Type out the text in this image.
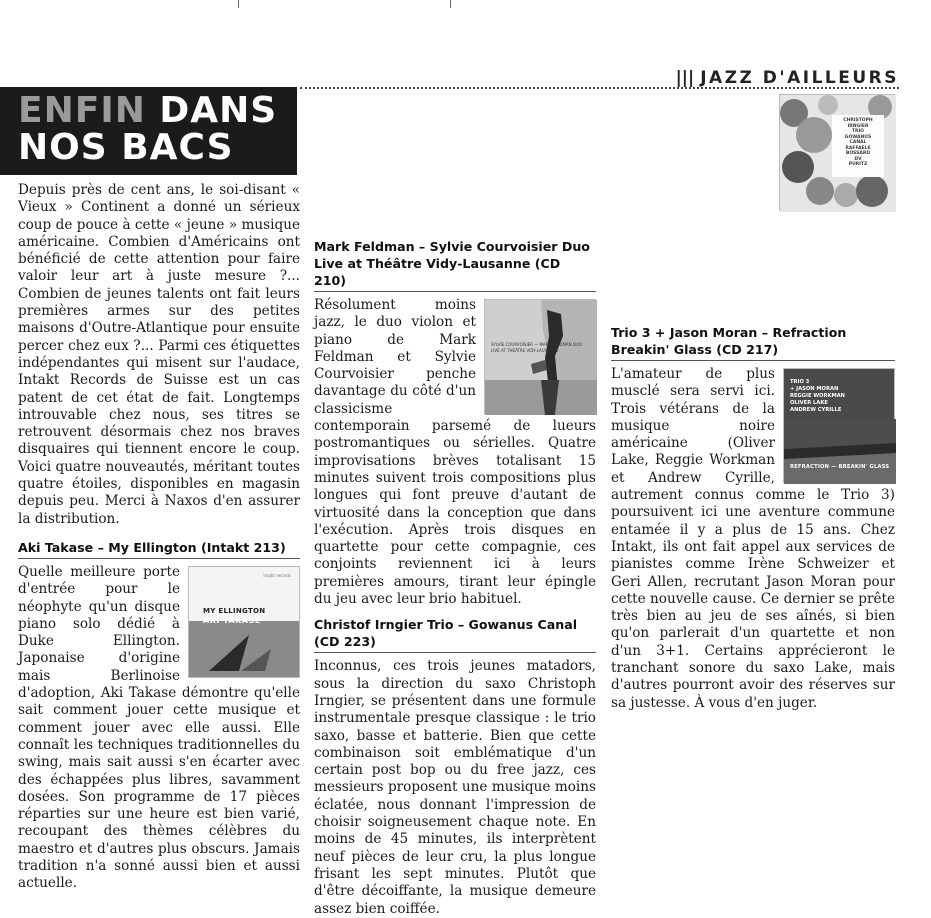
||| JAZZ D'AILLEURS
ENFIN DANS
NOS BACS

Depuis près de cent ans, le soi-disant « Vieux » Continent a donné un sérieux coup de pouce à cette « jeune » musique américaine. Combien d'Américains ont bénéficié de cette attention pour faire valoir leur art à juste mesure ?... Combien de jeunes talents ont fait leurs premières armes sur des petites maisons d'Outre-Atlantique pour ensuite percer chez eux ?... Parmi ces étiquettes indépendantes qui misent sur l'audace, Intakt Records de Suisse est un cas patent de cet état de fait. Longtemps introuvable chez nous, ses titres se retrouvent désormais chez nos braves disquaires qui tiennent encore le coup. Voici quatre nouveautés, méritant toutes quatre étoiles, disponibles en magasin depuis peu. Merci à Naxos d'en assurer la distribution.

Aki Takase – My Ellington (Intakt 213)
intakt records
MY ELLINGTON
AKI TAKASE

Quelle meilleure porte d'entrée pour le néophyte qu'un disque piano solo dédié à Duke Ellington. Japonaise d'origine mais Berlinoise d'adoption, Aki Takase démontre qu'elle sait comment jouer cette musique et comment jouer avec elle aussi. Elle connaît les techniques traditionnelles du swing, mais sait aussi s'en écarter avec des échappées plus libres, savamment dosées. Son programme de 17 pièces réparties sur une heure est bien varié, recoupant des thèmes célèbres du maestro et d'autres plus obscurs. Jamais tradition n'a sonné aussi bien et aussi actuelle.

Mark Feldman – Sylvie Courvoisier Duo Live at Théâtre Vidy-Lausanne (CD 210)
SYLVIE COURVOISIER — MARK FELDMAN DUO
LIVE AT THÉÂTRE VIDY-LAUSANNE

Résolument moins jazz, le duo violon et piano de Mark Feldman et Sylvie Courvoisier penche davantage du côté d'un classicisme contemporain parsemé de lueurs postromantiques ou sérielles. Quatre improvisations brèves totalisant 15 minutes suivent trois compositions plus longues qui font preuve d'autant de virtuosité dans la conception que dans l'exécution. Après trois disques en quartette pour cette compagnie, ces conjoints reviennent ici à leurs premières amours, tirant leur épingle du jeu avec leur brio habituel.

Christof Irngier Trio – Gowanus Canal (CD 223)

Inconnus, ces trois jeunes matadors, sous la direction du saxo Christoph Irngier, se présentent dans une formule instrumentale presque classique : le trio saxo, basse et batterie. Bien que cette combinaison soit emblématique d'un certain post bop ou du free jazz, ces messieurs proposent une musique moins éclatée, nous donnant l'impression de choisir soigneusement chaque note. En moins de 45 minutes, ils interprètent neuf pièces de leur cru, la plus longue frisant les sept minutes. Plutôt que d'être décoiffante, la musique demeure assez bien coiffée.

CHRISTOPH
IRNGIER
TRIO
GOWANUS
CANAL
RAFFAELE
BOSSARD
DV
PURITZ
Trio 3 + Jason Moran – Refraction Breakin' Glass (CD 217)
TRIO 3
+ JASON MORAN
REGGIE WORKMAN
OLIVER LAKE
ANDREW CYRILLE
REFRACTION — BREAKIN' GLASS

L'amateur de plus musclé sera servi ici. Trois vétérans de la musique noire américaine (Oliver Lake, Reggie Workman et Andrew Cyrille, autrement connus comme le Trio 3) poursuivent ici une aventure commune entamée il y a plus de 15 ans. Chez Intakt, ils ont fait appel aux services de pianistes comme Irène Schweizer et Geri Allen, recrutant Jason Moran pour cette nouvelle cause. Ce dernier se prête très bien au jeu de ses aînés, si bien qu'on parlerait d'un quartette et non d'un 3+1. Certains apprécieront le tranchant sonore du saxo Lake, mais d'autres pourront avoir des réserves sur sa justesse. À vous d'en juger.
